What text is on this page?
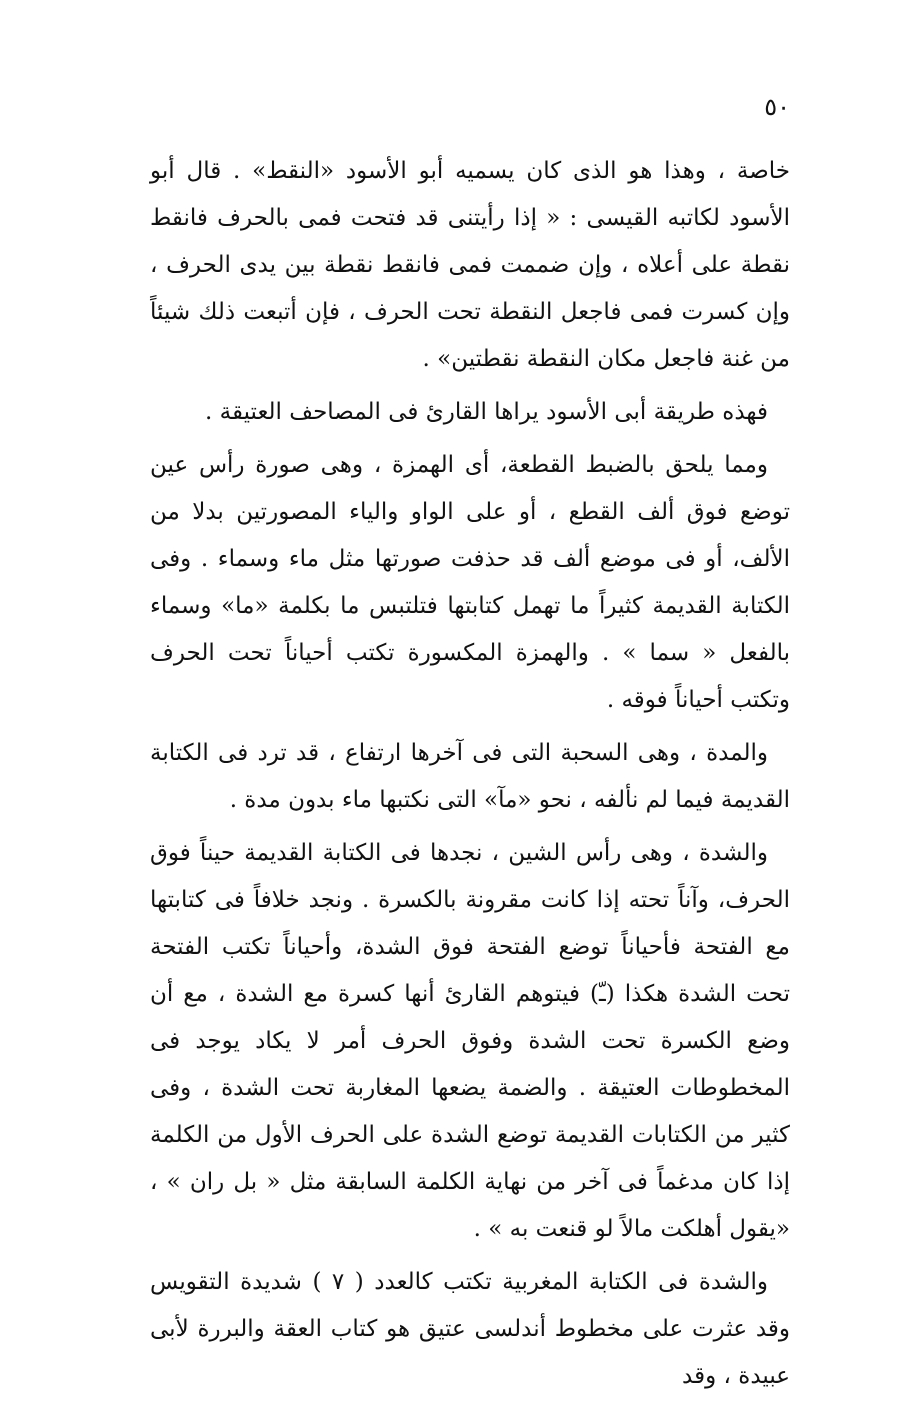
٥٠

خاصة ، وهذا هو الذى كان يسميه أبو الأسود «النقط» . قال أبو الأسود لكاتبه القيسى : « إذا رأيتنى قد فتحت فمى بالحرف فانقط نقطة على أعلاه ، وإن ضممت فمى فانقط نقطة بين يدى الحرف ، وإن كسرت فمى فاجعل النقطة تحت الحرف ، فإن أتبعت ذلك شيئاً من غنة فاجعل مكان النقطة نقطتين» .

فهذه طريقة أبى الأسود يراها القارئ فى المصاحف العتيقة .

ومما يلحق بالضبط القطعة، أى الهمزة ، وهى صورة رأس عين توضع فوق ألف القطع ، أو على الواو والياء المصورتين بدلا من الألف، أو فى موضع ألف قد حذفت صورتها مثل ماء وسماء . وفى الكتابة القديمة كثيراً ما تهمل كتابتها فتلتبس ما بكلمة «ما» وسماء بالفعل « سما » . والهمزة المكسورة تكتب أحياناً تحت الحرف وتكتب أحياناً فوقه .

والمدة ، وهى السحبة التى فى آخرها ارتفاع ، قد ترد فى الكتابة القديمة فيما لم نألفه ، نحو «مآ» التى نكتبها ماء بدون مدة .

والشدة ، وهى رأس الشين ، نجدها فى الكتابة القديمة حيناً فوق الحرف، وآناً تحته إذا كانت مقرونة بالكسرة . ونجد خلافاً فى كتابتها مع الفتحة فأحياناً توضع الفتحة فوق الشدة، وأحياناً تكتب الفتحة تحت الشدة هكذا (ـّ) فيتوهم القارئ أنها كسرة مع الشدة ، مع أن وضع الكسرة تحت الشدة وفوق الحرف أمر لا يكاد يوجد فى المخطوطات العتيقة . والضمة يضعها المغاربة تحت الشدة ، وفى كثير من الكتابات القديمة توضع الشدة على الحرف الأول من الكلمة إذا كان مدغماً فى آخر من نهاية الكلمة السابقة مثل « بل ران » ، «يقول أهلكت مالاً لو قنعت به » .

والشدة فى الكتابة المغربية تكتب كالعدد ( ٧ ) شديدة التقويس وقد عثرت على مخطوط أندلسى عتيق هو كتاب العقة والبررة لأبى عبيدة ، وقد
